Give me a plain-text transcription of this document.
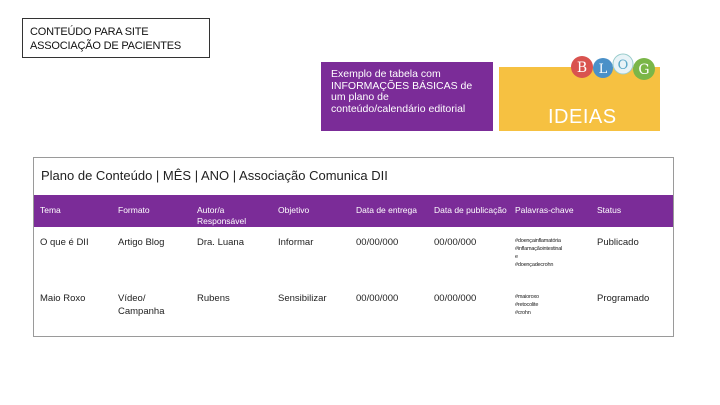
CONTEÚDO PARA SITE ASSOCIAÇÃO DE PACIENTES
Exemplo de tabela com INFORMAÇÕES BÁSICAS de um plano de conteúdo/calendário editorial	IDEIAS
B L O G
Plano de Conteúdo | MÊS | ANO | Associação Comunica DII
Tema	Formato	Autor/a Responsável	Objetivo	Data de entrega	Data de publicação	Palavras-chave	Status
O que é DII	Artigo Blog	Dra. Luana	Informar	00/00/000	00/00/000	#doençainflamatória
#inflamaçãointestinal
e
#doençadecrohn	Publicado
Maio Roxo	Vídeo/ Campanha	Rubens	Sensibilizar	00/00/000	00/00/000	#maioroxo
#retocolite
#crohn	Programado
